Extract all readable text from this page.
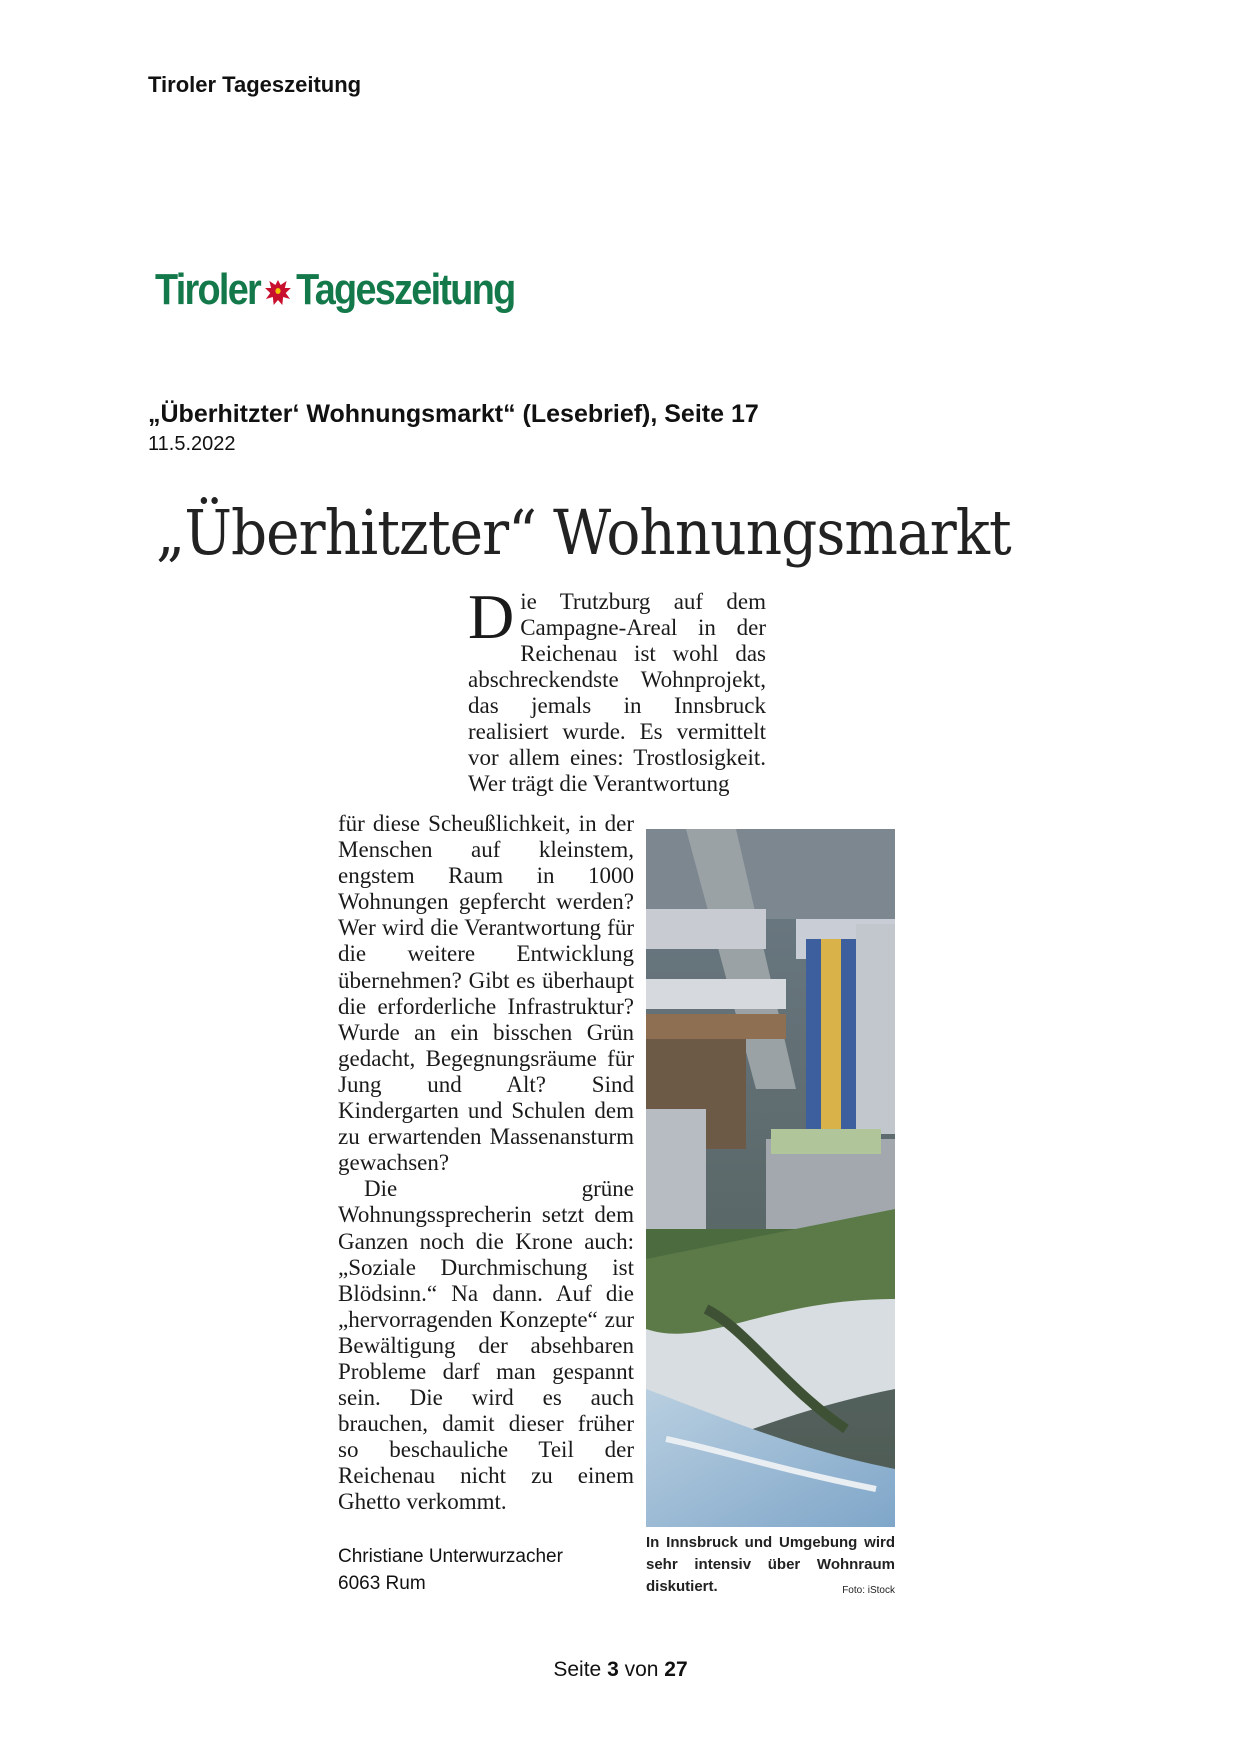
Tiroler Tageszeitung
Tiroler Tageszeitung
„Überhitzter‘ Wohnungsmarkt“ (Lesebrief), Seite 17
11.5.2022
„Überhitzter“ Wohnungsmarkt
Die Trutzburg auf dem Campagne-Areal in der Reichenau ist wohl das abschreckendste Wohnprojekt, das jemals in Innsbruck realisiert wurde. Es vermittelt vor allem eines: Trostlosigkeit. Wer trägt die Verantwortung

für diese Scheußlichkeit, in der Menschen auf kleinstem, engstem Raum in 1000 Wohnungen gepfercht werden? Wer wird die Verantwortung für die weitere Entwicklung übernehmen? Gibt es überhaupt die erforderliche Infrastruktur? Wurde an ein bisschen Grün gedacht, Begegnungsräume für Jung und Alt? Sind Kindergarten und Schulen dem zu erwartenden Massenansturm gewachsen?

Die grüne Wohnungssprecherin setzt dem Ganzen noch die Krone auch: „Soziale Durchmischung ist Blödsinn.“ Na dann. Auf die „hervorragenden Konzepte“ zur Bewältigung der absehbaren Probleme darf man gespannt sein. Die wird es auch brauchen, damit dieser früher so beschauliche Teil der Reichenau nicht zu einem Ghetto verkommt.

Christiane Unterwurzacher
6063 Rum
In Innsbruck und Umgebung wird sehr intensiv über Wohnraum diskutiert.	Foto: iStock
Seite 3 von 27
